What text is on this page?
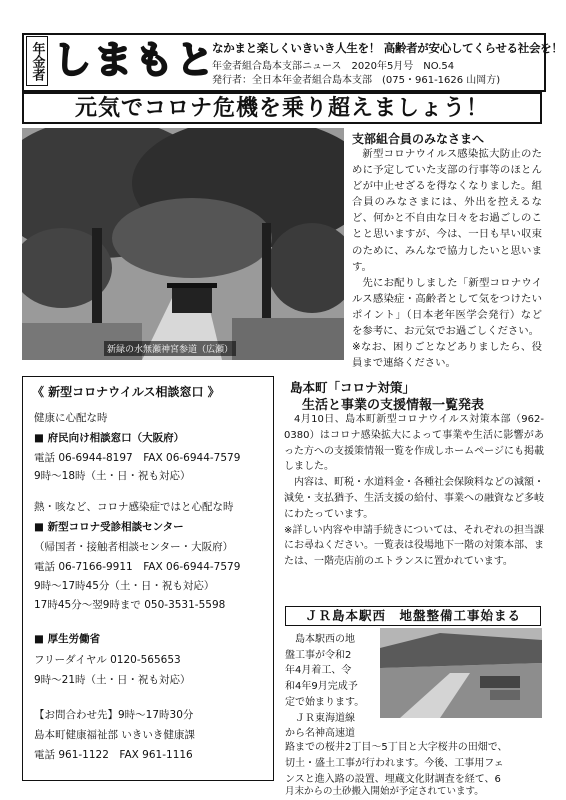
年金者 しまもと
なかまと楽しくいきいき人生を！ 高齢者が安心してくらせる社会を！
年金者組合島本支部ニュース　2020年5月号　NO.54
発行者：全日本年金者組合島本支部　(075・961-1626 山岡方)
元気でコロナ危機を乗り超えましょう！
新緑の水無瀬神宮参道（広瀬）
支部組合員のみなさまへ

新型コロナウイルス感染拡大防止のために予定していた支部の行事等のほとんどが中止せざるを得なくなりました。組合員のみなさまには、外出を控えるなど、何かと不自由な日々をお過ごしのことと思いますが、今は、一日も早い収束のために、みんなで協力したいと思います。

先にお配りしました「新型コロナウイルス感染症・高齢者として気をつけたいポイント」（日本老年医学会発行）などを参考に、お元気でお過ごしください。

※なお、困りごとなどありましたら、役員まで連絡ください。

《 新型コロナウイルス相談窓口 》
健康に心配な時
■ 府民向け相談窓口（大阪府）
電話 06-6944-8197　FAX 06-6944-7579
9時〜18時（土・日・祝も対応）
熱・咳など、コロナ感染症ではと心配な時
■ 新型コロナ受診相談センター
（帰国者・接触者相談センター・大阪府）
電話 06-7166-9911　FAX 06-6944-7579
9時〜17時45分（土・日・祝も対応）
17時45分〜翌9時まで 050-3531-5598
■ 厚生労働省
フリーダイヤル 0120-565653
9時〜21時（土・日・祝も対応）
【お問合わせ先】9時〜17時30分
島本町健康福祉部 いきいき健康課
電話 961-1122　FAX 961-1116
島本町「コロナ対策」
生活と事業の支援情報一覧発表

4月10日、島本町新型コロナウイルス対策本部（962-0380）はコロナ感染拡大によって事業や生活に影響があった方への支援策情報一覧を作成しホームページにも掲載しました。

内容は、町税・水道料金・各種社会保険料などの減額・減免・支払猶予、生活支援の給付、事業への融資など多岐にわたっています。

※詳しい内容や申請手続きについては、それぞれの担当課にお尋ねください。一覧表は役場地下一階の対策本部、または、一階売店前のエトランスに置かれています。

ＪＲ島本駅西　地盤整備工事始まる
　島本駅西の地
盤工事が令和2
年4月着工、令
和4年9月完成予
定で始まります。
　ＪＲ東海道線
から名神高速道
路までの桜井2丁目〜5丁目と大字桜井の田畑で、
切土・盛土工事が行われます。今後、工事用フェ
ンスと進入路の設置、埋蔵文化財調査を経て、6
月末からの土砂搬入開始が予定されています。
